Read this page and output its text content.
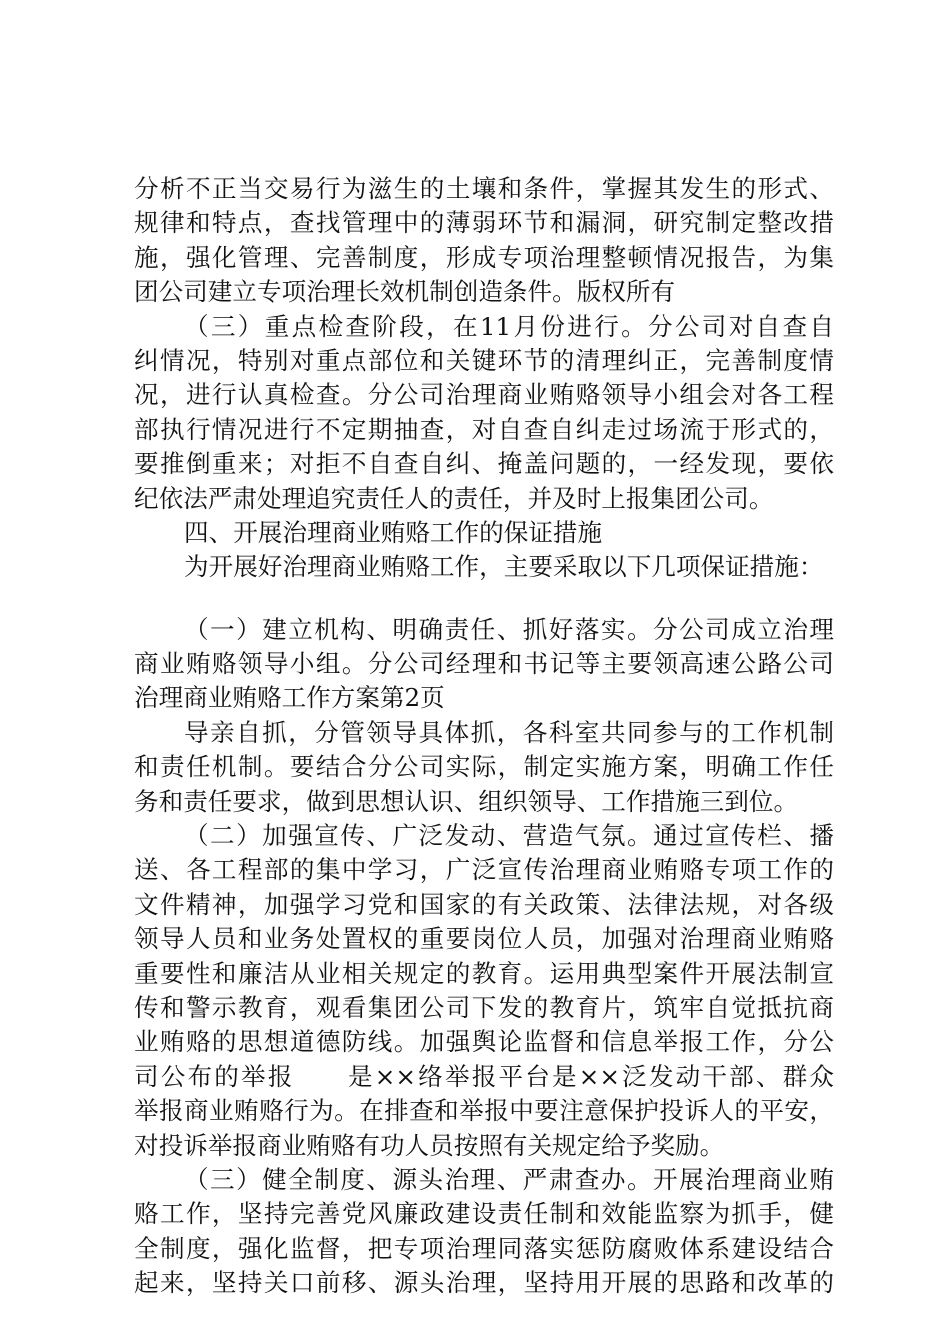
分析不正当交易行为滋生的土壤和条件，掌握其发生的形式、
规律和特点，查找管理中的薄弱环节和漏洞，研究制定整改措
施，强化管理、完善制度，形成专项治理整顿情况报告，为集
团公司建立专项治理长效机制创造条件。版权所有
（三）重点检查阶段，在11月份进行。分公司对自查自
纠情况，特别对重点部位和关键环节的清理纠正，完善制度情
况，进行认真检查。分公司治理商业贿赂领导小组会对各工程
部执行情况进行不定期抽查，对自查自纠走过场流于形式的，
要推倒重来；对拒不自查自纠、掩盖问题的，一经发现，要依
纪依法严肃处理追究责任人的责任，并及时上报集团公司。
四、开展治理商业贿赂工作的保证措施
为开展好治理商业贿赂工作，主要采取以下几项保证措施：
（一）建立机构、明确责任、抓好落实。分公司成立治理
商业贿赂领导小组。分公司经理和书记等主要领高速公路公司
治理商业贿赂工作方案第2页
导亲自抓，分管领导具体抓，各科室共同参与的工作机制
和责任机制。要结合分公司实际，制定实施方案，明确工作任
务和责任要求，做到思想认识、组织领导、工作措施三到位。
（二）加强宣传、广泛发动、营造气氛。通过宣传栏、播
送、各工程部的集中学习，广泛宣传治理商业贿赂专项工作的
文件精神，加强学习党和国家的有关政策、法律法规，对各级
领导人员和业务处置权的重要岗位人员，加强对治理商业贿赂
重要性和廉洁从业相关规定的教育。运用典型案件开展法制宣
传和警示教育，观看集团公司下发的教育片，筑牢自觉抵抗商
业贿赂的思想道德防线。加强舆论监督和信息举报工作，分公
司公布的举报　　是××络举报平台是××泛发动干部、群众
举报商业贿赂行为。在排查和举报中要注意保护投诉人的平安，
对投诉举报商业贿赂有功人员按照有关规定给予奖励。
（三）健全制度、源头治理、严肃查办。开展治理商业贿
赂工作，坚持完善党风廉政建设责任制和效能监察为抓手，健
全制度，强化监督，把专项治理同落实惩防腐败体系建设结合
起来，坚持关口前移、源头治理，坚持用开展的思路和改革的
